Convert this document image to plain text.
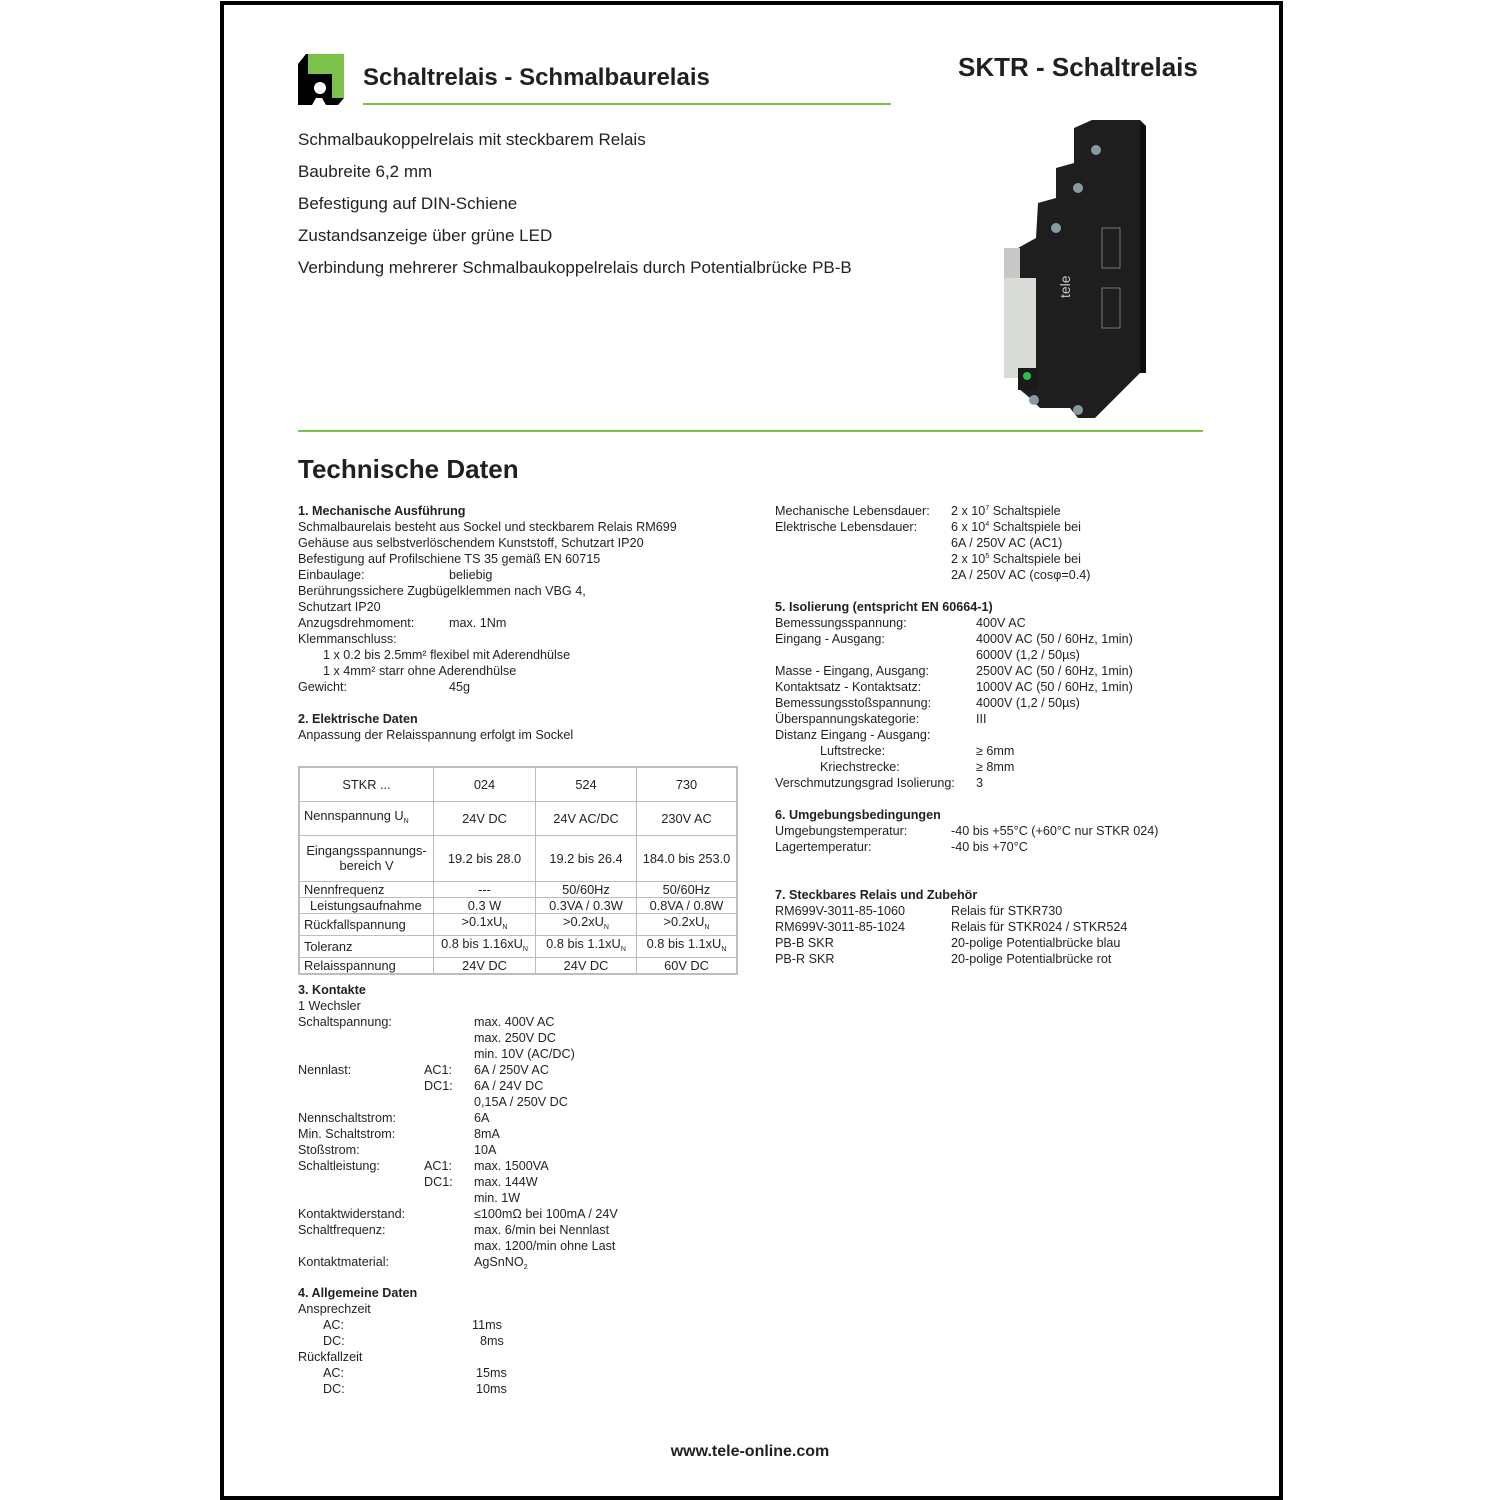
Schaltrelais - Schmalbaurelais	SKTR - Schaltrelais
Schmalbaukoppelrelais mit steckbarem Relais
Baubreite 6,2 mm
Befestigung auf DIN-Schiene
Zustandsanzeige über grüne LED
Verbindung mehrerer Schmalbaukoppelrelais durch Potentialbrücke PB-B
tele
Technische Daten
1. Mechanische Ausführung
Schmalbaurelais besteht aus Sockel und steckbarem Relais RM699
Gehäuse aus selbstverlöschendem Kunststoff, Schutzart IP20
Befestigung auf Profilschiene TS 35 gemäß EN 60715
Einbaulage:	beliebig
Berührungssichere Zugbügelklemmen nach VBG 4,
Schutzart IP20
Anzugsdrehmoment:	max. 1Nm
Klemmanschluss:
1 x 0.2 bis 2.5mm² flexibel mit Aderendhülse
1 x 4mm² starr ohne Aderendhülse
Gewicht:	45g
2. Elektrische Daten
Anpassung der Relaisspannung erfolgt im Sockel
STKR ...	024	524	730
Nennspannung $U_N$	24V DC	24V AC/DC	230V AC
Eingangsspannungs-bereich V	19.2 bis 28.0	19.2 bis 26.4	184.0 bis 253.0
Nennfrequenz	---	50/60Hz	50/60Hz
Leistungsaufnahme	0.3 W	0.3VA / 0.3W	0.8VA / 0.8W
Rückfallspannung	$>0.1xU_N$	$>0.2xU_N$	$>0.2xU_N$
Toleranz	0.8 bis $1.16xU_N$	0.8 bis $1.1xU_N$	0.8 bis $1.1xU_N$
Relaisspannung	24V DC	24V DC	60V DC
3. Kontakte
1 Wechsler
Schaltspannung:	max. 400V AC
max. 250V DC
min. 10V (AC/DC)
Nennlast:	AC1:	6A / 250V AC
DC1:	6A / 24V DC
0,15A / 250V DC
Nennschaltstrom:	6A
Min. Schaltstrom:	8mA
Stoßstrom:	10A
Schaltleistung:	AC1:	max. 1500VA
DC1:	max. 144W
min. 1W
Kontaktwiderstand:	≤100mΩ bei 100mA / 24V
Schaltfrequenz:	max. 6/min bei Nennlast
max. 1200/min ohne Last
Kontaktmaterial:	AgSnNO$_2$
4. Allgemeine Daten
Ansprechzeit
AC:	11ms
DC:	8ms
Rückfallzeit
AC:	15ms
DC:	10ms
Mechanische Lebensdauer:	2 x $10^7$ Schaltspiele
Elektrische Lebensdauer:	6 x $10^4$ Schaltspiele bei
6A / 250V AC (AC1)
2 x $10^5$ Schaltspiele bei
2A / 250V AC (cosφ=0.4)
5. Isolierung (entspricht EN 60664-1)
Bemessungsspannung:	400V AC
Eingang - Ausgang:	4000V AC (50 / 60Hz, 1min)
6000V (1,2 / 50µs)
Masse - Eingang, Ausgang:	2500V AC (50 / 60Hz, 1min)
Kontaktsatz - Kontaktsatz:	1000V AC (50 / 60Hz, 1min)
Bemessungsstoßspannung:	4000V (1,2 / 50µs)
Überspannungskategorie:	III
Distanz Eingang - Ausgang:
Luftstrecke:	≥ 6mm
Kriechstrecke:	≥ 8mm
Verschmutzungsgrad Isolierung:	3
6. Umgebungsbedingungen
Umgebungstemperatur:	-40 bis +55°C (+60°C nur STKR 024)
Lagertemperatur:	-40 bis +70°C
7. Steckbares Relais und Zubehör
RM699V-3011-85-1060	Relais für STKR730
RM699V-3011-85-1024	Relais für STKR024 / STKR524
PB-B SKR	20-polige Potentialbrücke blau
PB-R SKR	20-polige Potentialbrücke rot
www.tele-online.com
